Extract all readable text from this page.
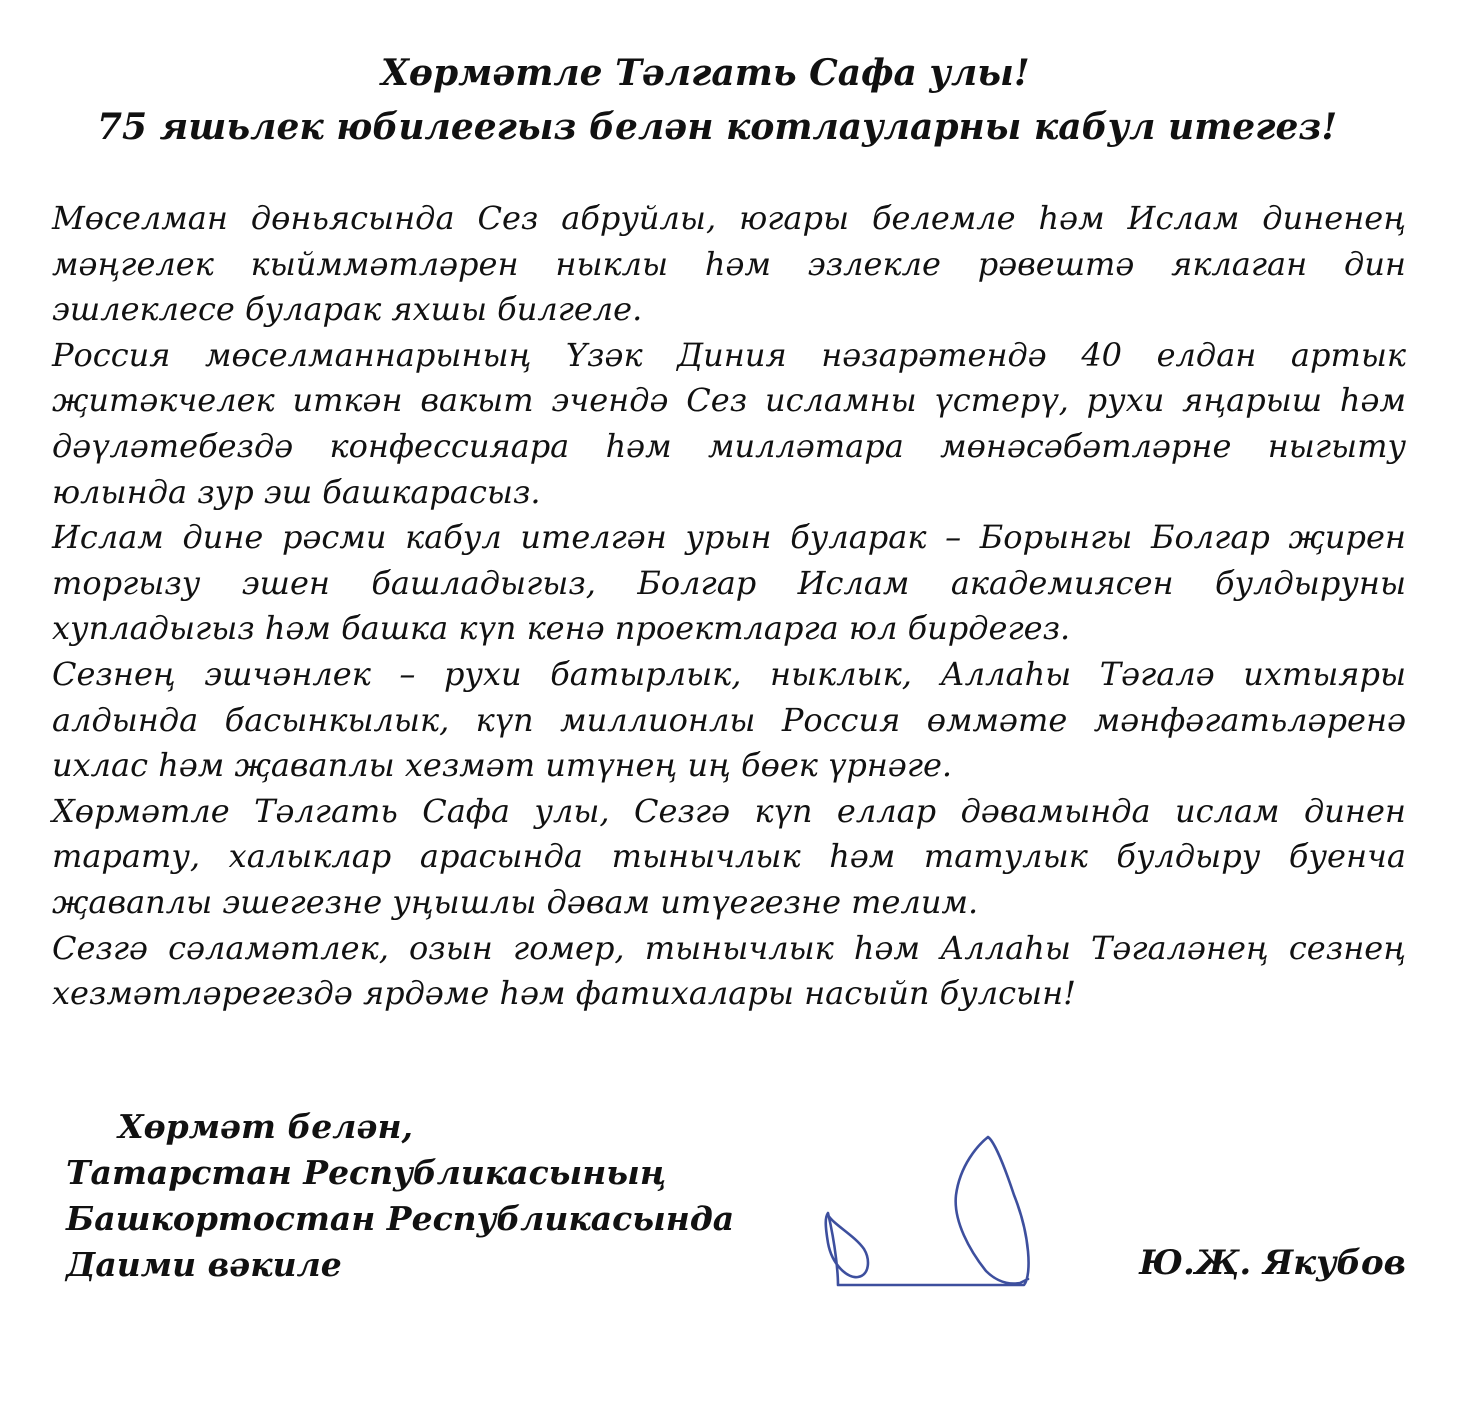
Хөрмәтле Тәлгать Сафа улы!
75 яшьлек юбилеегыз белән котлауларны кабул итегез!

Мөселман дөньясында Сез абруйлы, югары белемле һәм Ислам диненең мәңгелек кыйммәтләрен ныклы һәм эзлекле рәвештә яклаган дин эшлеклесе буларак яхшы билгеле.

Россия мөселманнарының Үзәк Диния нәзарәтендә 40 елдан артык җитәкчелек иткән вакыт эчендә Сез исламны үстерү, рухи яңарыш һәм дәүләтебездә конфессияара һәм милләтара мөнәсәбәтләрне ныгыту юлында зур эш башкарасыз.

Ислам дине рәсми кабул ителгән урын буларак – Борынгы Болгар җирен торгызу эшен башладыгыз, Болгар Ислам академиясен булдыруны хупладыгыз һәм башка күп кенә проектларга юл бирдегез.

Сезнең эшчәнлек – рухи батырлык, ныклык, Аллаһы Тәгалә ихтыяры алдында басынкылык, күп миллионлы Россия өммәте мәнфәгатьләренә ихлас һәм җаваплы хезмәт итүнең иң бөек үрнәге.

Хөрмәтле Тәлгать Сафа улы, Сезгә күп еллар дәвамында ислам динен тарату, халыклар арасында тынычлык һәм татулык булдыру буенча җаваплы эшегезне уңышлы дәвам итүегезне телим.

Сезгә сәламәтлек, озын гомер, тынычлык һәм Аллаһы Тәгаләнең сезнең хезмәтләрегездә ярдәме һәм фатихалары насыйп булсын!

Хөрмәт белән,
Татарстан Республикасының
Башкортостан Республикасында
Даими вәкиле	Ю.Җ. Якубов
